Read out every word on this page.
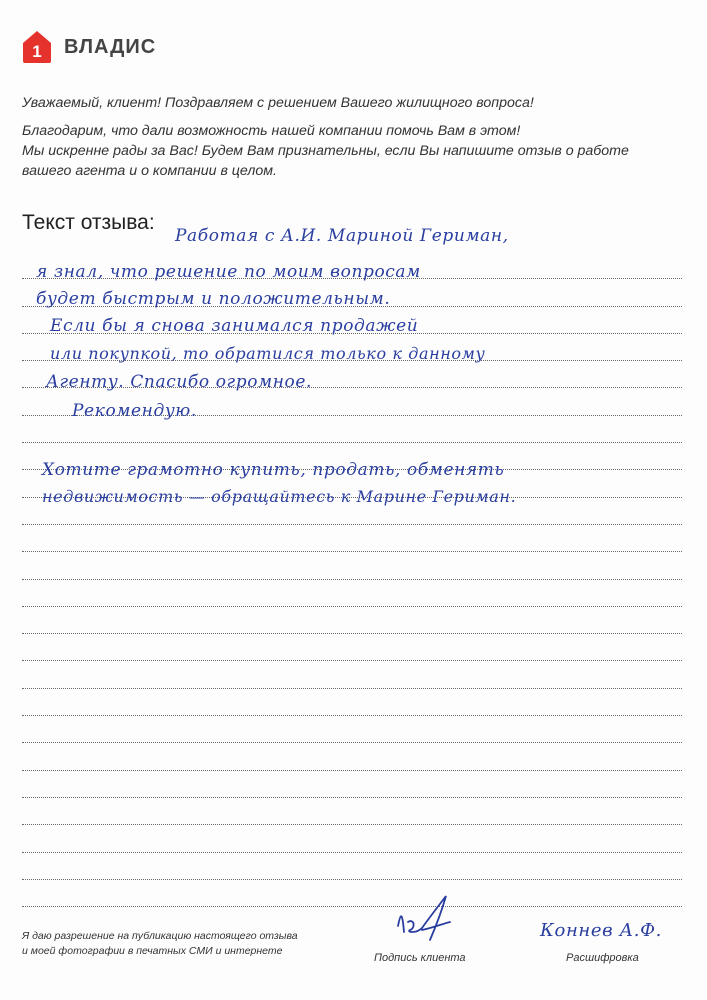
1 ВЛАДИС

Уважаемый, клиент! Поздравляем с решением Вашего жилищного вопроса!

Благодарим, что дали возможность нашей компании помочь Вам в этом!

Мы искренне рады за Вас! Будем Вам признательны, если Вы напишите отзыв о работе

вашего агента и о компании в целом.

Текст отзыва:
Работая с А.И. Мариной Гериман,
я знал, что решение по моим вопросам
будет быстрым и положительным.
Если бы я снова занимался продажей
или покупкой, то обратился только к данному
Агенту. Спасибо огромное.
Рекомендую.
Хотите грамотно купить, продать, обменять
недвижимость — обращайтесь к Марине Гериман.

Я даю разрешение на публикацию настоящего отзыва

и моей фотографии в печатных СМИ и интернете

Подпись клиента
Коннев А.Ф.
Расшифровка
